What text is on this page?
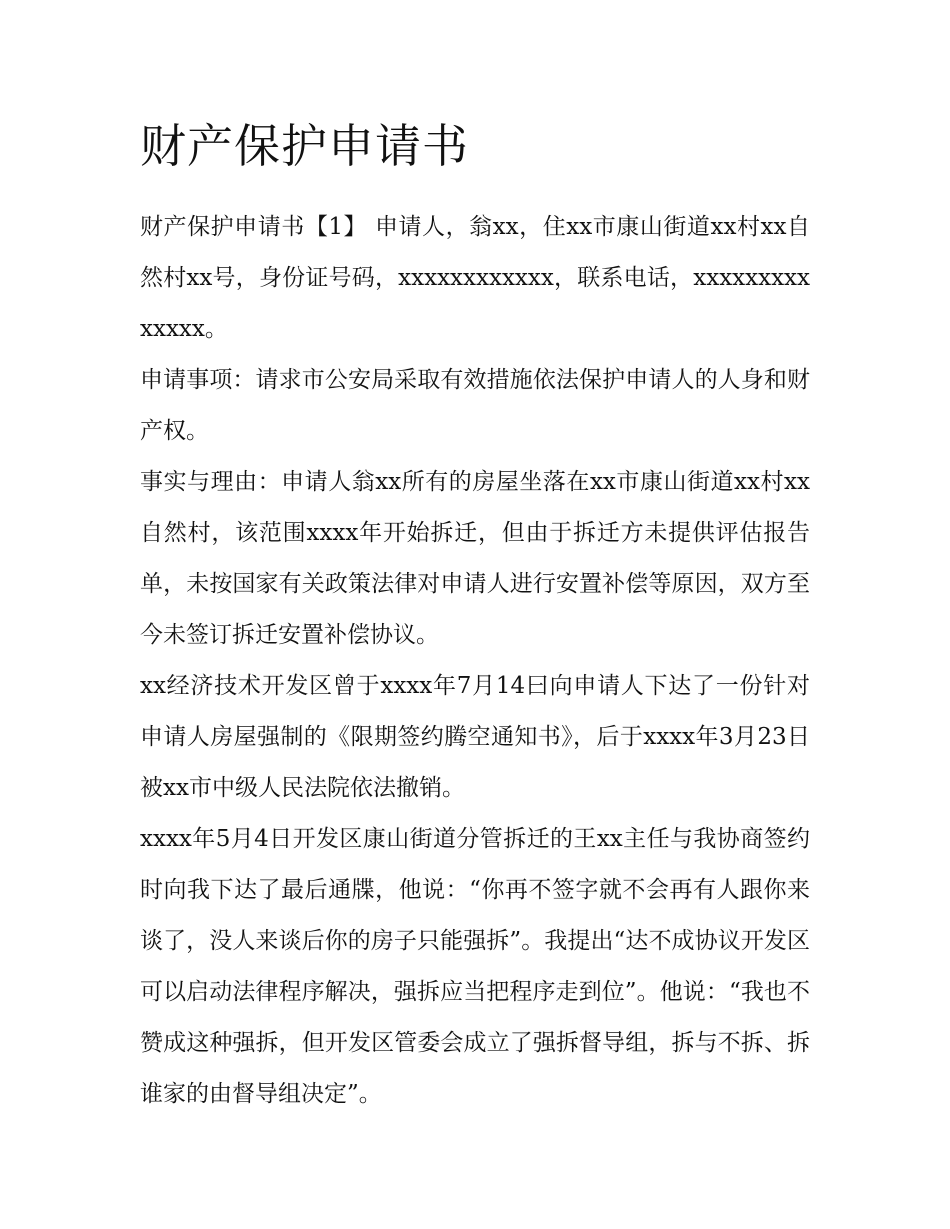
财产保护申请书

财产保护申请书【1】 申请人，翁xx，住xx市康山街道xx村xx自然村xx号，身份证号码，xxxxxxxxxxxx，联系电话，xxxxxxxxxxxxxx。

申请事项：请求市公安局采取有效措施依法保护申请人的人身和财产权。

事实与理由：申请人翁xx所有的房屋坐落在xx市康山街道xx村xx自然村，该范围xxxx年开始拆迁，但由于拆迁方未提供评估报告单，未按国家有关政策法律对申请人进行安置补偿等原因，双方至今未签订拆迁安置补偿协议。

xx经济技术开发区曾于xxxx年7月14曰向申请人下达了一份针对申请人房屋强制的《限期签约腾空通知书》，后于xxxx年3月23日被xx市中级人民法院依法撤销。

xxxx年5月4日开发区康山街道分管拆迁的王xx主任与我协商签约时向我下达了最后通牒，他说：“你再不签字就不会再有人跟你来谈了，没人来谈后你的房子只能强拆”。我提出“达不成协议开发区可以启动法律程序解决，强拆应当把程序走到位”。他说：“我也不赞成这种强拆，但开发区管委会成立了强拆督导组，拆与不拆、拆谁家的由督导组决定”。
